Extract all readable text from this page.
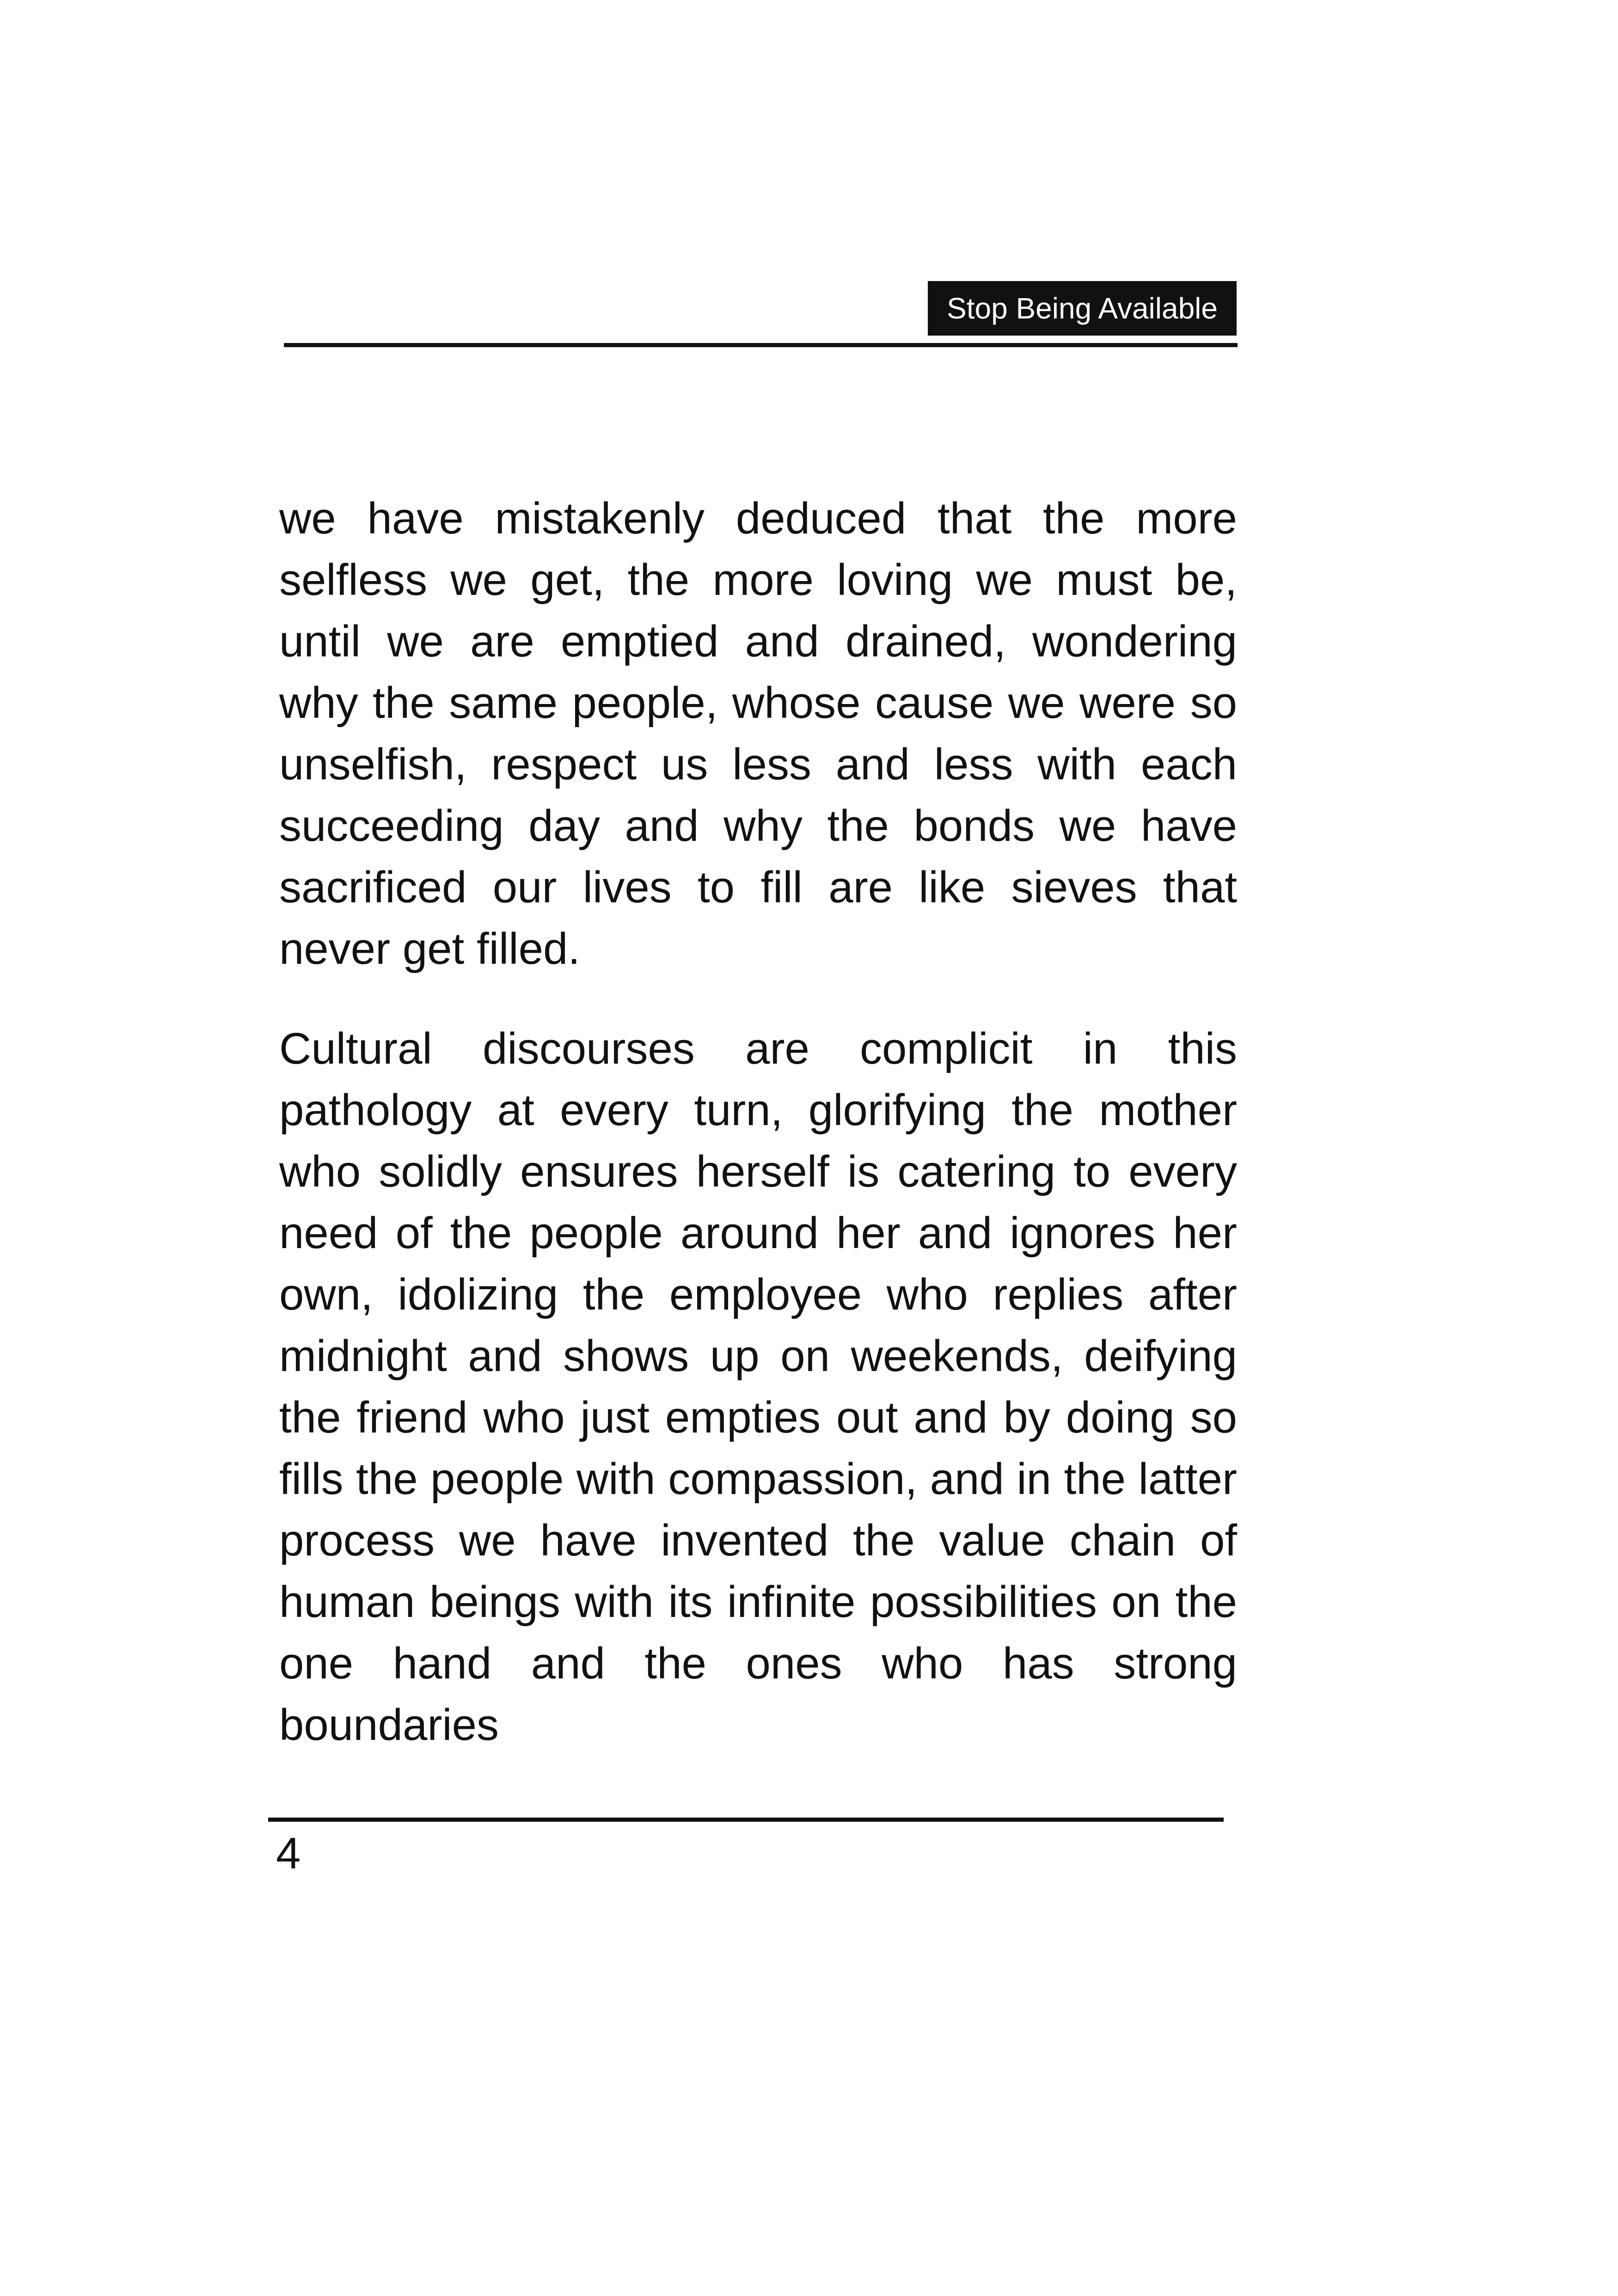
Stop Being Available

we have mistakenly deduced that the more selfless we get, the more loving we must be, until we are emptied and drained, wondering why the same people, whose cause we were so unselfish, respect us less and less with each succeeding day and why the bonds we have sacrificed our lives to fill are like sieves that never get filled.

Cultural discourses are complicit in this pathology at every turn, glorifying the mother who solidly ensures herself is catering to every need of the people around her and ignores her own, idolizing the employee who replies after midnight and shows up on weekends, deifying the friend who just empties out and by doing so fills the people with compassion, and in the latter process we have invented the value chain of human beings with its infinite possibilities on the one hand and the ones who has strong boundaries

4
